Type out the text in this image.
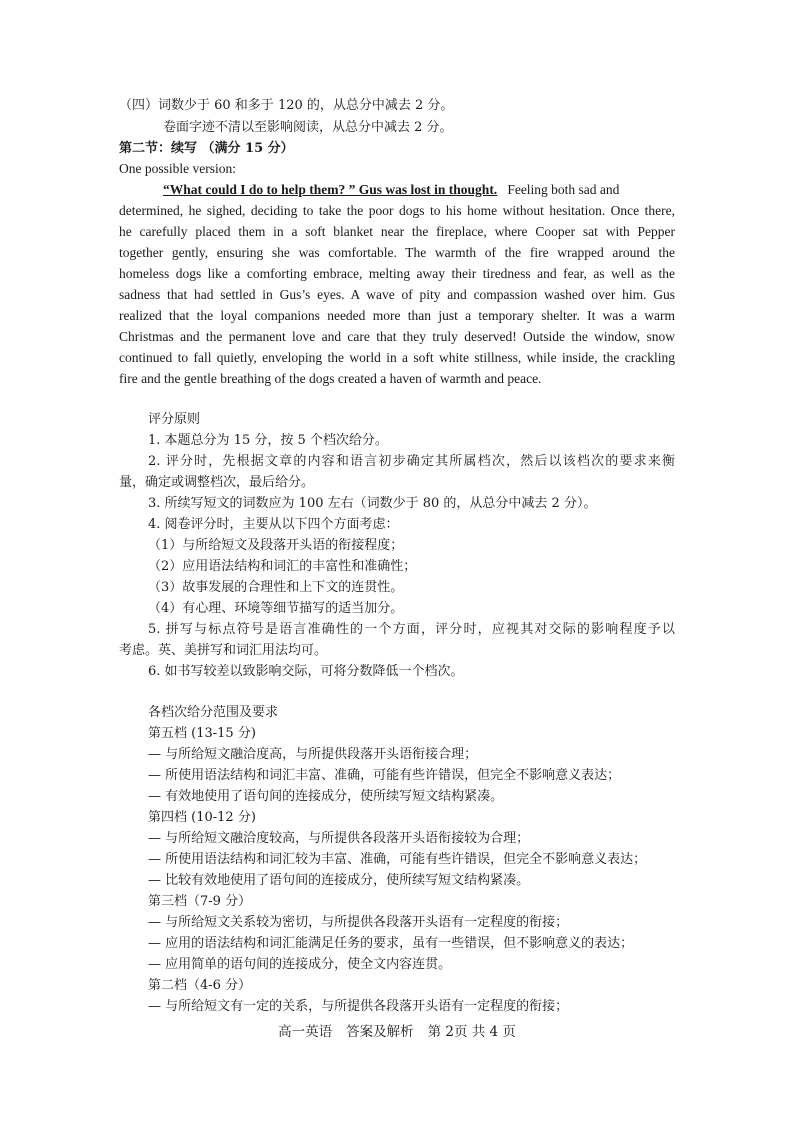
（四）词数少于 60 和多于 120 的，从总分中减去 2 分。
卷面字迹不清以至影响阅读，从总分中减去 2 分。
第二节：续写 （满分 15 分）
One possible version:
“What could I do to help them? ” Gus was lost in thought. Feeling both sad and
determined, he sighed, deciding to take the poor dogs to his home without hesitation. Once there,
he carefully placed them in a soft blanket near the fireplace, where Cooper sat with Pepper
together gently, ensuring she was comfortable. The warmth of the fire wrapped around the
homeless dogs like a comforting embrace, melting away their tiredness and fear, as well as the
sadness that had settled in Gus’s eyes. A wave of pity and compassion washed over him. Gus
realized that the loyal companions needed more than just a temporary shelter. It was a warm
Christmas and the permanent love and care that they truly deserved! Outside the window, snow
continued to fall quietly, enveloping the world in a soft white stillness, while inside, the crackling
fire and the gentle breathing of the dogs created a haven of warmth and peace.
评分原则
1. 本题总分为 15 分，按 5 个档次给分。
2. 评分时，先根据文章的内容和语言初步确定其所属档次，然后以该档次的要求来衡
量，确定或调整档次，最后给分。
3. 所续写短文的词数应为 100 左右（词数少于 80 的，从总分中减去 2 分）。
4. 阅卷评分时，主要从以下四个方面考虑：
（1）与所给短文及段落开头语的衔接程度；
（2）应用语法结构和词汇的丰富性和准确性；
（3）故事发展的合理性和上下文的连贯性。
（4）有心理、环境等细节描写的适当加分。
5. 拼写与标点符号是语言准确性的一个方面，评分时，应视其对交际的影响程度予以
考虑。英、美拼写和词汇用法均可。
6. 如书写较差以致影响交际，可将分数降低一个档次。
各档次给分范围及要求
第五档 (13-15 分)
— 与所给短文融洽度高，与所提供段落开头语衔接合理；
— 所使用语法结构和词汇丰富、准确，可能有些许错误，但完全不影响意义表达；
— 有效地使用了语句间的连接成分，使所续写短文结构紧凑。
第四档 (10-12 分)
— 与所给短文融洽度较高，与所提供各段落开头语衔接较为合理；
— 所使用语法结构和词汇较为丰富、准确，可能有些许错误，但完全不影响意义表达；
— 比较有效地使用了语句间的连接成分，使所续写短文结构紧凑。
第三档（7-9 分）
— 与所给短文关系较为密切，与所提供各段落开头语有一定程度的衔接；
— 应用的语法结构和词汇能满足任务的要求，虽有一些错误，但不影响意义的表达；
— 应用简单的语句间的连接成分，使全文内容连贯。
第二档（4-6 分）
— 与所给短文有一定的关系，与所提供各段落开头语有一定程度的衔接；
高一英语 答案及解析 第 2页 共 4 页
